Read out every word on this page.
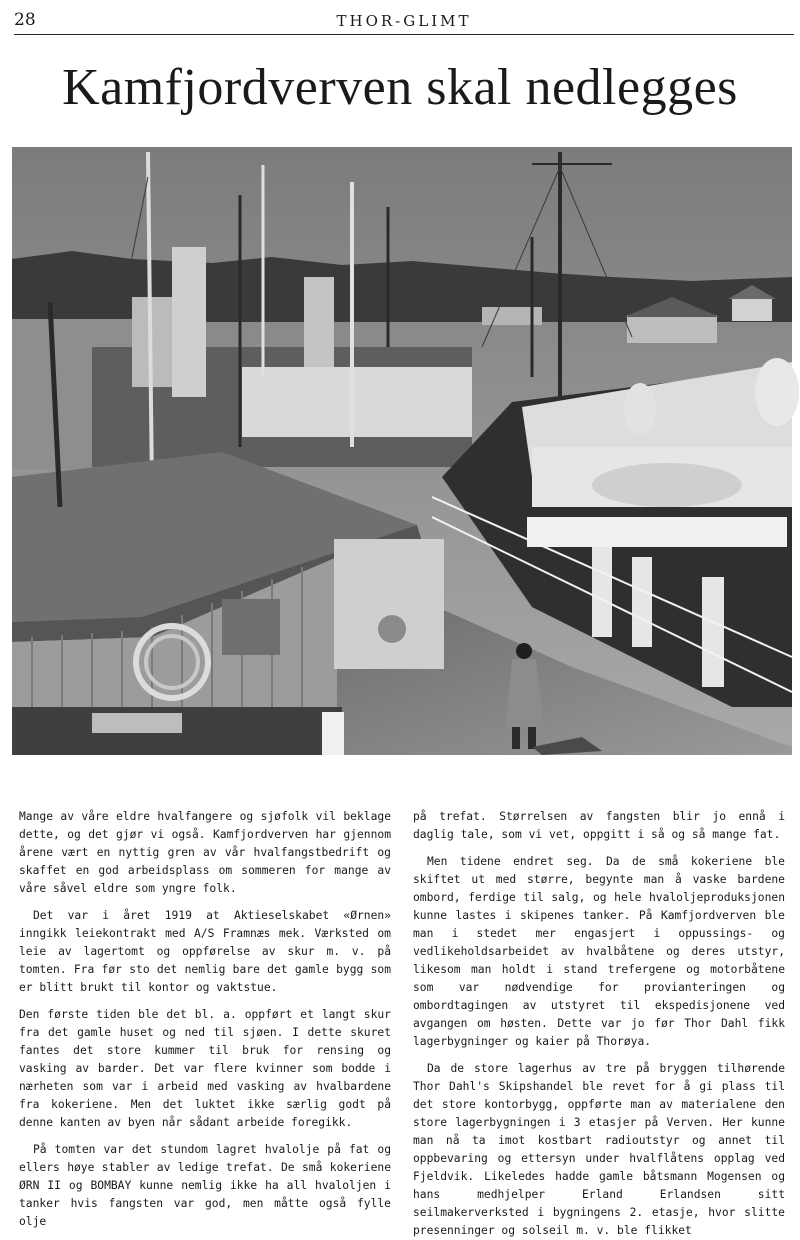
28	THOR-GLIMT
Kamfjordverven skal nedlegges

Mange av våre eldre hvalfangere og sjøfolk vil beklage dette, og det gjør vi også. Kamfjordverven har gjennom årene vært en nyttig gren av vår hvalfangstbedrift og skaffet en god arbeidsplass om sommeren for mange av våre såvel eldre som yngre folk.

Det var i året 1919 at Aktieselskabet «Ørnen» inngikk leiekontrakt med A/S Framnæs mek. Værksted om leie av lagertomt og oppførelse av skur m. v. på tomten. Fra før sto det nemlig bare det gamle bygg som er blitt brukt til kontor og vaktstue.

Den første tiden ble det bl. a. oppført et langt skur fra det gamle huset og ned til sjøen. I dette skuret fantes det store kummer til bruk for rensing og vasking av barder. Det var flere kvinner som bodde i nærheten som var i arbeid med vasking av hvalbardene fra kokeriene. Men det luktet ikke særlig godt på denne kanten av byen når sådant arbeide foregikk.

På tomten var det stundom lagret hvalolje på fat og ellers høye stabler av ledige trefat. De små kokeriene ØRN II og BOMBAY kunne nemlig ikke ha all hvaloljen i tanker hvis fangsten var god, men måtte også fylle olje

på trefat. Størrelsen av fangsten blir jo ennå i daglig tale, som vi vet, oppgitt i så og så mange fat.

Men tidene endret seg. Da de små kokeriene ble skiftet ut med større, begynte man å vaske bardene ombord, ferdige til salg, og hele hvaloljeproduksjonen kunne lastes i skipenes tanker. På Kamfjordverven ble man i stedet mer engasjert i oppussings- og vedlikeholdsarbeidet av hvalbåtene og deres utstyr, likesom man holdt i stand trefergene og motorbåtene som var nødvendige for provianteringen og ombordtagingen av utstyret til ekspedisjonene ved avgangen om høsten. Dette var jo før Thor Dahl fikk lagerbygninger og kaier på Thorøya.

Da de store lagerhus av tre på bryggen tilhørende Thor Dahl's Skipshandel ble revet for å gi plass til det store kontorbygg, oppførte man av materialene den store lagerbygningen i 3 etasjer på Verven. Her kunne man nå ta imot kostbart radioutstyr og annet til oppbevaring og ettersyn under hvalflåtens opplag ved Fjeldvik. Likeledes hadde gamle båtsmann Mogensen og hans medhjelper Erland Erlandsen sitt seilmakerverksted i bygningens 2. etasje, hvor slitte presenninger og solseil m. v. ble flikket
